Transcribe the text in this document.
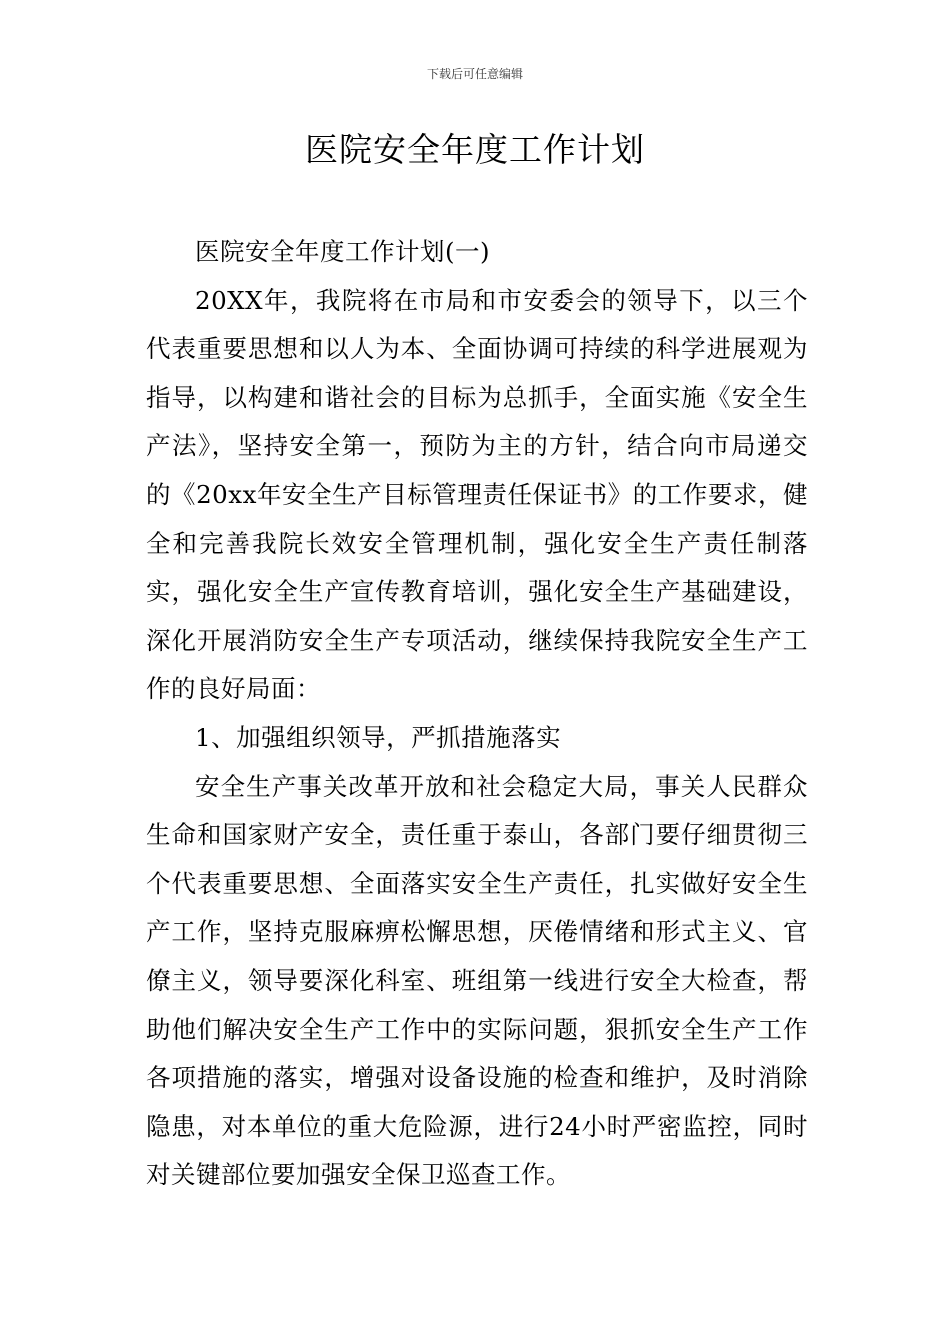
下载后可任意编辑
医院安全年度工作计划

医院安全年度工作计划(一)

20XX年，我院将在市局和市安委会的领导下，以三个代表重要思想和以人为本、全面协调可持续的科学进展观为指导，以构建和谐社会的目标为总抓手，全面实施《安全生产法》，坚持安全第一，预防为主的方针，结合向市局递交的《20xx年安全生产目标管理责任保证书》的工作要求，健全和完善我院长效安全管理机制，强化安全生产责任制落实，强化安全生产宣传教育培训，强化安全生产基础建设，深化开展消防安全生产专项活动，继续保持我院安全生产工作的良好局面：

1、加强组织领导，严抓措施落实

安全生产事关改革开放和社会稳定大局，事关人民群众生命和国家财产安全，责任重于泰山，各部门要仔细贯彻三个代表重要思想、全面落实安全生产责任，扎实做好安全生产工作，坚持克服麻痹松懈思想，厌倦情绪和形式主义、官僚主义，领导要深化科室、班组第一线进行安全大检查，帮助他们解决安全生产工作中的实际问题，狠抓安全生产工作各项措施的落实，增强对设备设施的检查和维护，及时消除隐患，对本单位的重大危险源，进行24小时严密监控，同时对关键部位要加强安全保卫巡查工作。
